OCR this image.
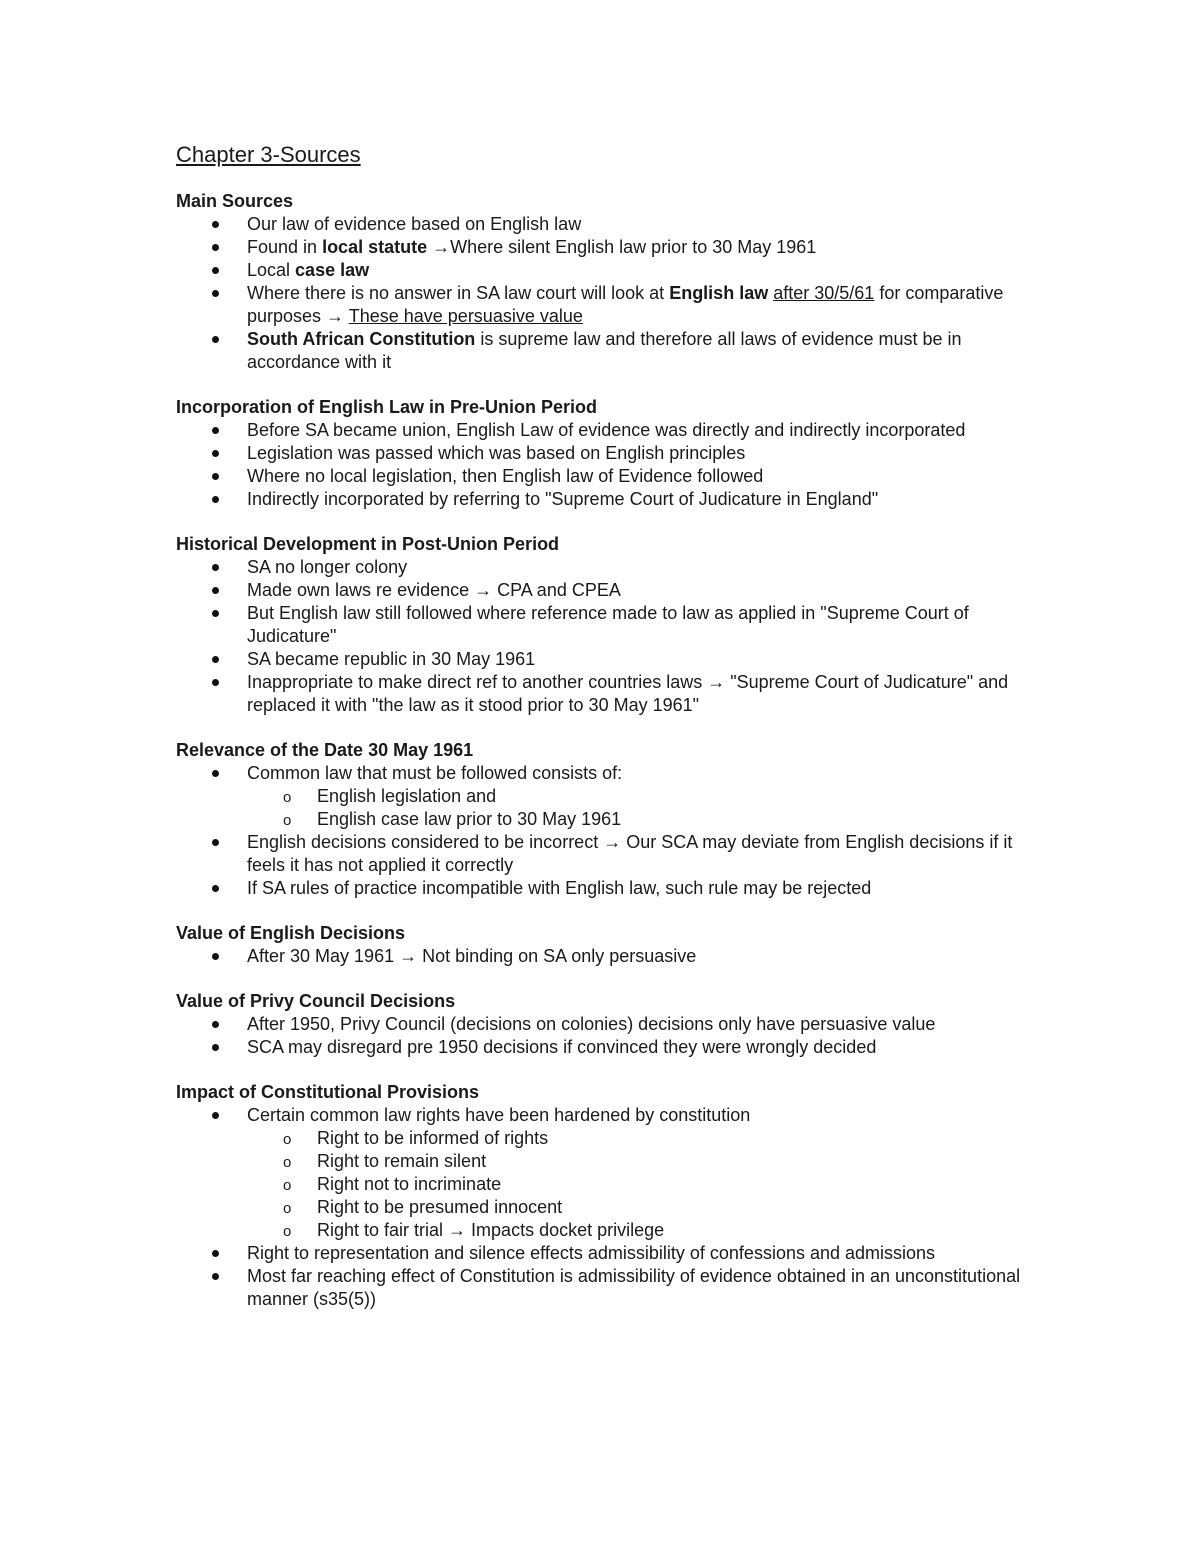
Chapter 3-Sources
Main Sources
Our law of evidence based on English law
Found in local statute →Where silent English law prior to 30 May 1961
Local case law
Where there is no answer in SA law court will look at English law after 30/5/61 for comparative purposes → These have persuasive value
South African Constitution is supreme law and therefore all laws of evidence must be in accordance with it
Incorporation of English Law in Pre-Union Period
Before SA became union, English Law of evidence was directly and indirectly incorporated
Legislation was passed which was based on English principles
Where no local legislation, then English law of Evidence followed
Indirectly incorporated by referring to "Supreme Court of Judicature in England"
Historical Development in Post-Union Period
SA no longer colony
Made own laws re evidence → CPA and CPEA
But English law still followed where reference made to law as applied in "Supreme Court of Judicature"
SA became republic in 30 May 1961
Inappropriate to make direct ref to another countries laws → "Supreme Court of Judicature" and replaced it with "the law as it stood prior to 30 May 1961"
Relevance of the Date 30 May 1961
Common law that must be followed consists of:
o English legislation and
o English case law prior to 30 May 1961
English decisions considered to be incorrect → Our SCA may deviate from English decisions if it feels it has not applied it correctly
If SA rules of practice incompatible with English law, such rule may be rejected
Value of English Decisions
After 30 May 1961 → Not binding on SA only persuasive
Value of Privy Council Decisions
After 1950, Privy Council (decisions on colonies) decisions only have persuasive value
SCA may disregard pre 1950 decisions if convinced they were wrongly decided
Impact of Constitutional Provisions
Certain common law rights have been hardened by constitution
o Right to be informed of rights
o Right to remain silent
o Right not to incriminate
o Right to be presumed innocent
o Right to fair trial → Impacts docket privilege
Right to representation and silence effects admissibility of confessions and admissions
Most far reaching effect of Constitution is admissibility of evidence obtained in an unconstitutional manner (s35(5))
